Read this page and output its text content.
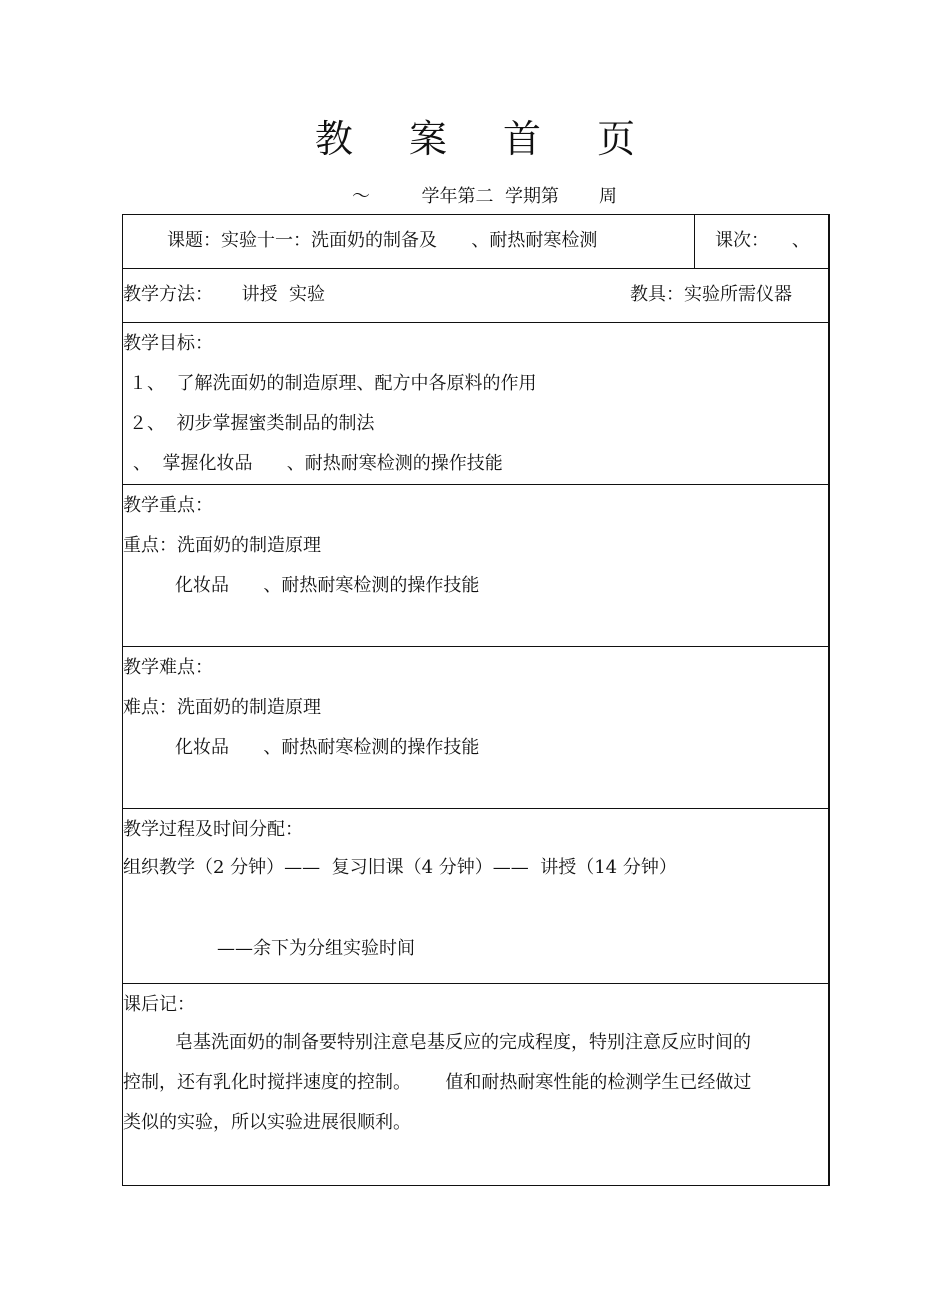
教 案 首 页
～         学年第二  学期第       周
课题：实验十一：洗面奶的制备及      、耐热耐寒检测	课次：    、
教学方法：     讲授  实验	教具：实验所需仪器
教学目标：
１、  了解洗面奶的制造原理、配方中各原料的作用
２、  初步掌握蜜类制品的制法
、  掌握化妆品      、耐热耐寒检测的操作技能
教学重点：
重点：洗面奶的制造原理
化妆品      、耐热耐寒检测的操作技能
教学难点：
难点：洗面奶的制造原理
化妆品      、耐热耐寒检测的操作技能
教学过程及时间分配：
组织教学（2 分钟）——  复习旧课（4 分钟）——  讲授（14 分钟）
——余下为分组实验时间
课后记：
皂基洗面奶的制备要特别注意皂基反应的完成程度，特别注意反应时间的
控制，还有乳化时搅拌速度的控制。      值和耐热耐寒性能的检测学生已经做过
类似的实验，所以实验进展很顺利。
